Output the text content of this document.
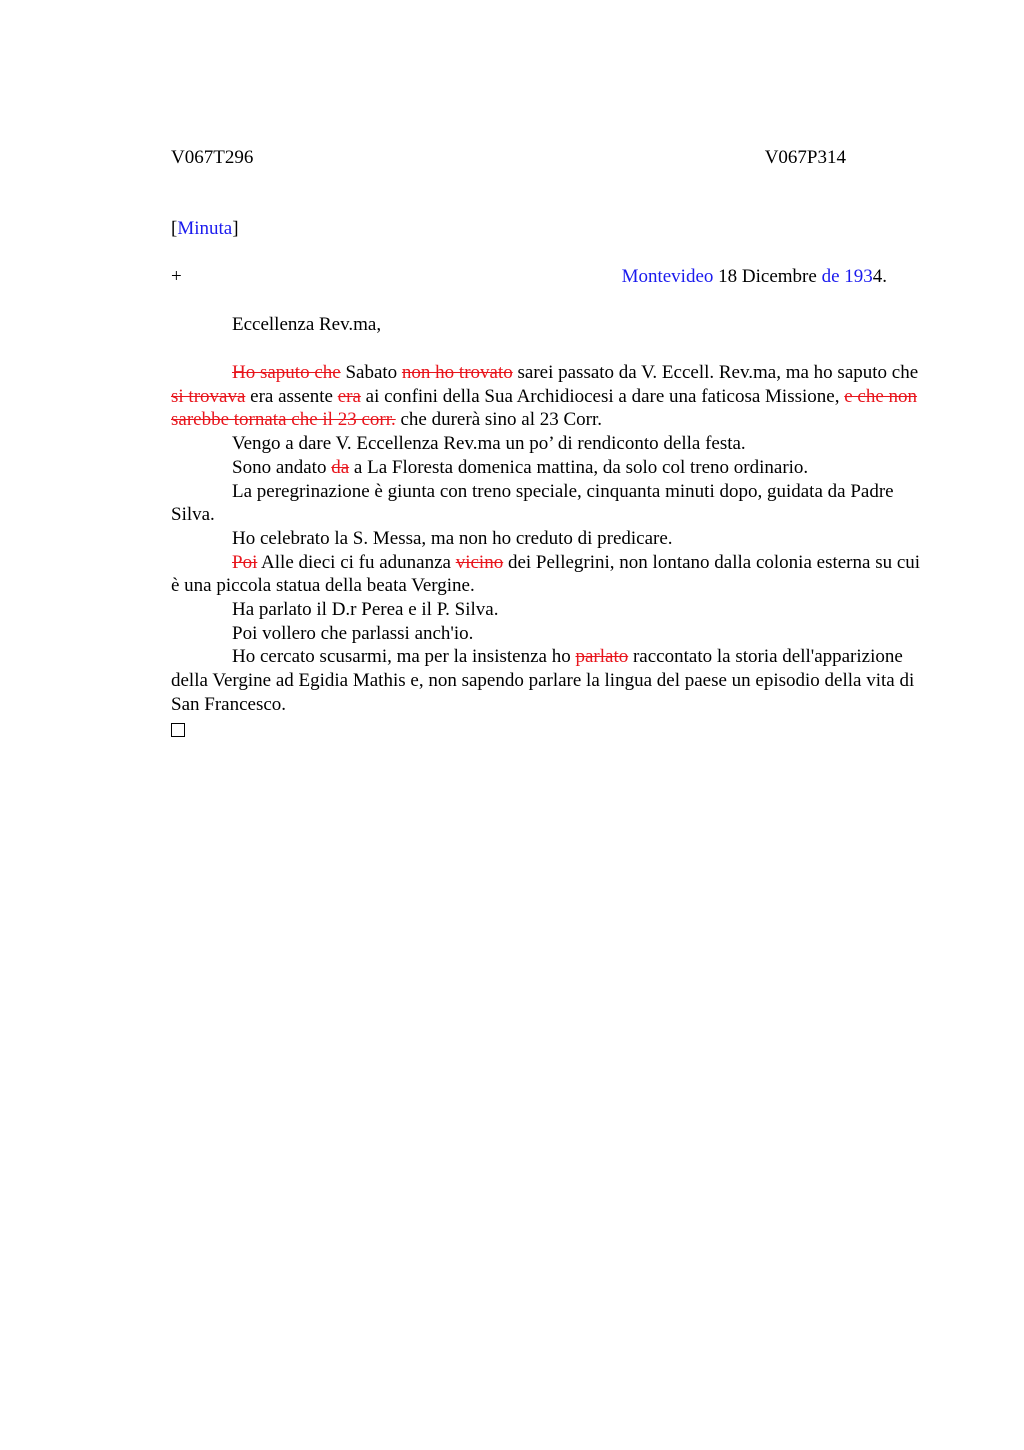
V067T296	V067P314
[Minuta]
+	Montevideo 18 Dicembre de 1934.
Eccellenza Rev.ma,

Ho saputo che Sabato non ho trovato sarei passato da V. Eccell. Rev.ma, ma ho saputo che si trovava era assente era ai confini della Sua Archidiocesi a dare una faticosa Missione, e che non sarebbe tornata che il 23 corr. che durerà sino al 23 Corr.

Vengo a dare V. Eccellenza Rev.ma un po’ di rendiconto della festa.

Sono andato da a La Floresta domenica mattina, da solo col treno ordinario.

La peregrinazione è giunta con treno speciale, cinquanta minuti dopo, guidata da Padre Silva.

Ho celebrato la S. Messa, ma non ho creduto di predicare.

Poi Alle dieci ci fu adunanza vicino dei Pellegrini, non lontano dalla colonia esterna su cui è una piccola statua della beata Vergine.

Ha parlato il D.r Perea e il P. Silva.

Poi vollero che parlassi anch'io.

Ho cercato scusarmi, ma per la insistenza ho parlato raccontato la storia dell'apparizione della Vergine ad Egidia Mathis e, non sapendo parlare la lingua del paese un episodio della vita di San Francesco.
